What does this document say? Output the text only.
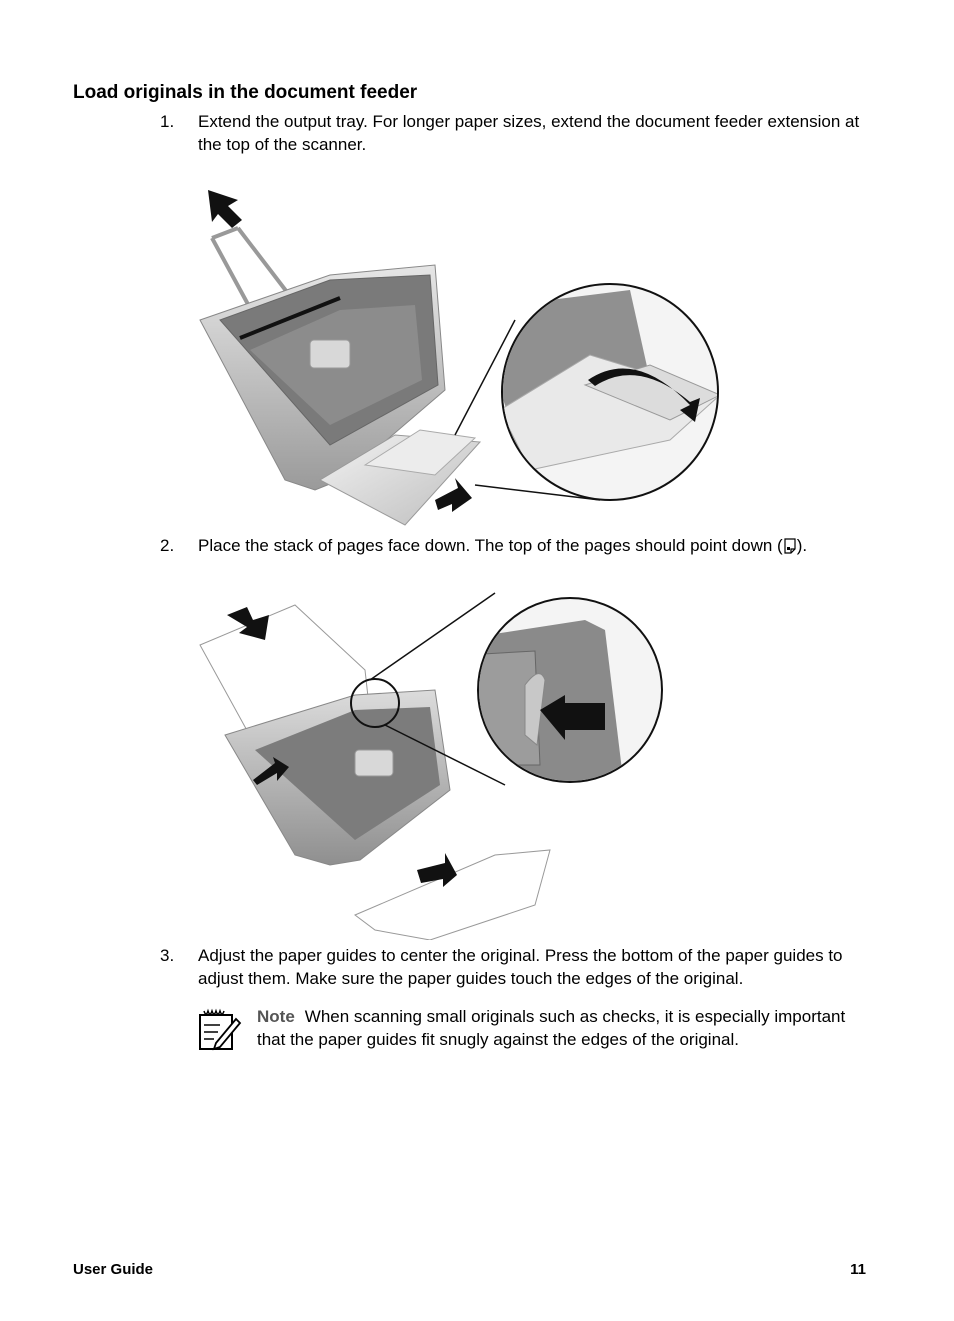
Load originals in the document feeder
1. Extend the output tray. For longer paper sizes, extend the document feeder extension at the top of the scanner.
2. Place the stack of pages face down. The top of the pages should point down ( ).
3. Adjust the paper guides to center the original. Press the bottom of the paper guides to adjust them. Make sure the paper guides touch the edges of the original.
Note When scanning small originals such as checks, it is especially important that the paper guides fit snugly against the edges of the original.
User Guide	11
